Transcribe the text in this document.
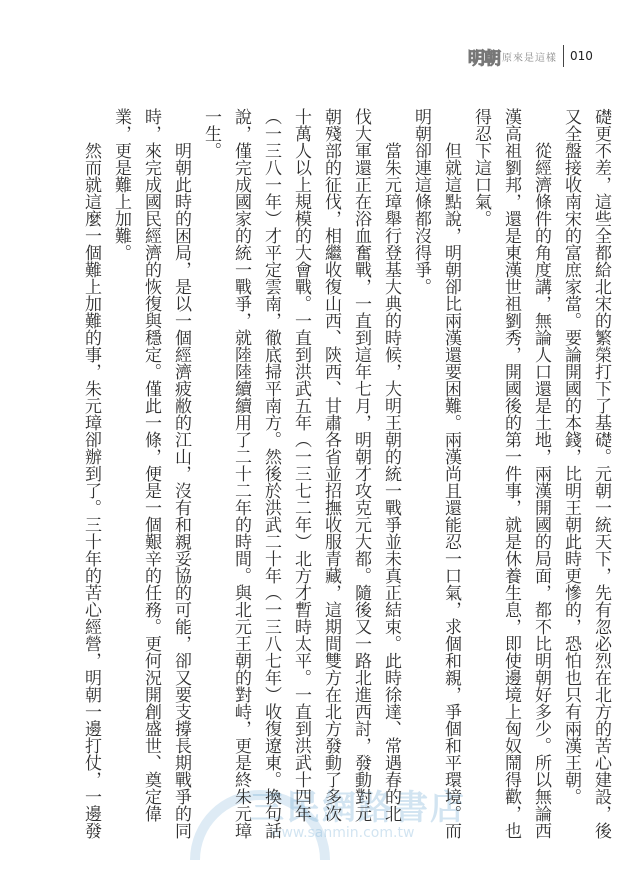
明朝 原來是這樣 010
三民網路書店
www.sanmin.com.tw	礎更不差，這些全都給北宋的繁榮打下了基礎。元朝一統天下，先有忽必烈在北方的苦心建設，後

又全盤接收南宋的富庶家當。要論開國的本錢，比明王朝此時更慘的，恐怕也只有兩漢王朝。

從經濟條件的角度講，無論人口還是土地，兩漢開國的局面，都不比明朝好多少。所以無論西

漢高祖劉邦，還是東漢世祖劉秀，開國後的第一件事，就是休養生息，即使邊境上匈奴鬧得歡，也

得忍下這口氣。

但就這點說，明朝卻比兩漢還要困難。兩漢尚且還能忍一口氣，求個和親，爭個和平環境。而

明朝卻連這條都沒得爭。

當朱元璋舉行登基大典的時候，大明王朝的統一戰爭並未真正結束。此時徐達、常遇春的北

伐大軍還正在浴血奮戰，一直到這年七月，明朝才攻克元大都。隨後又一路北進西討，發動對元

朝殘部的征伐，相繼收復山西、陝西、甘肅各省並招撫收服青藏，這期間雙方在北方發動了多次

十萬人以上規模的大會戰。一直到洪武五年（一三七二年）北方才暫時太平。一直到洪武十四年

（一三八一年）才平定雲南，徹底掃平南方。然後於洪武二十年（一三八七年）收復遼東。換句話

說，僅完成國家的統一戰爭，就陸陸續續用了二十二年的時間。與北元王朝的對峙，更是終朱元璋

一生。

明朝此時的困局，是以一個經濟疲敝的江山，沒有和親妥協的可能，卻又要支撐長期戰爭的同

時，來完成國民經濟的恢復與穩定。僅此一條，便是一個艱辛的任務。更何況開創盛世、奠定偉

業，更是難上加難。

然而就這麼一個難上加難的事，朱元璋卻辦到了。三十年的苦心經營，明朝一邊打仗，一邊發
